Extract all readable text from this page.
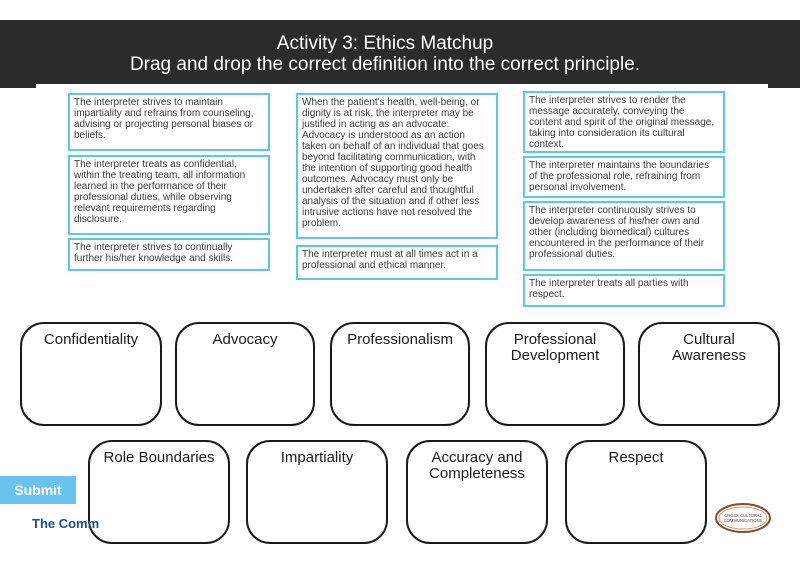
Activity 3: Ethics Matchup
Drag and drop the correct definition into the correct principle.
The interpreter strives to maintain impartiality and refrains from counseling, advising or projecting personal biases or beliefs.
The interpreter treats as confidential, within the treating team, all information learned in the performance of their professional duties, while observing relevant requirements regarding disclosure.
The interpreter strives to continually further his/her knowledge and skills.
When the patient's health, well-being, or dignity is at risk, the interpreter may be justified in acting as an advocate. Advocacy is understood as an action taken on behalf of an individual that goes beyond facilitating communication, with the intention of supporting good health outcomes. Advocacy must only be undertaken after careful and thoughtful analysis of the situation and if other less intrusive actions have not resolved the problem.
The interpreter must at all times act in a professional and ethical manner.
The interpreter strives to render the message accurately, conveying the content and spirit of the original message, taking into consideration its cultural context.
The interpreter maintains the boundaries of the professional role, refraining from personal involvement.
The interpreter continuously strives to develop awareness of his/her own and other (including biomedical) cultures encountered in the performance of their professional duties.
The interpreter treats all parties with respect.
Confidentiality	Advocacy	Professionalism	Professional Development
Cultural Awareness
Role Boundaries	Impartiality	Accuracy and Completeness
Respect
Submit
The Comm
CROSS CULTURAL
COMMUNICATIONS
